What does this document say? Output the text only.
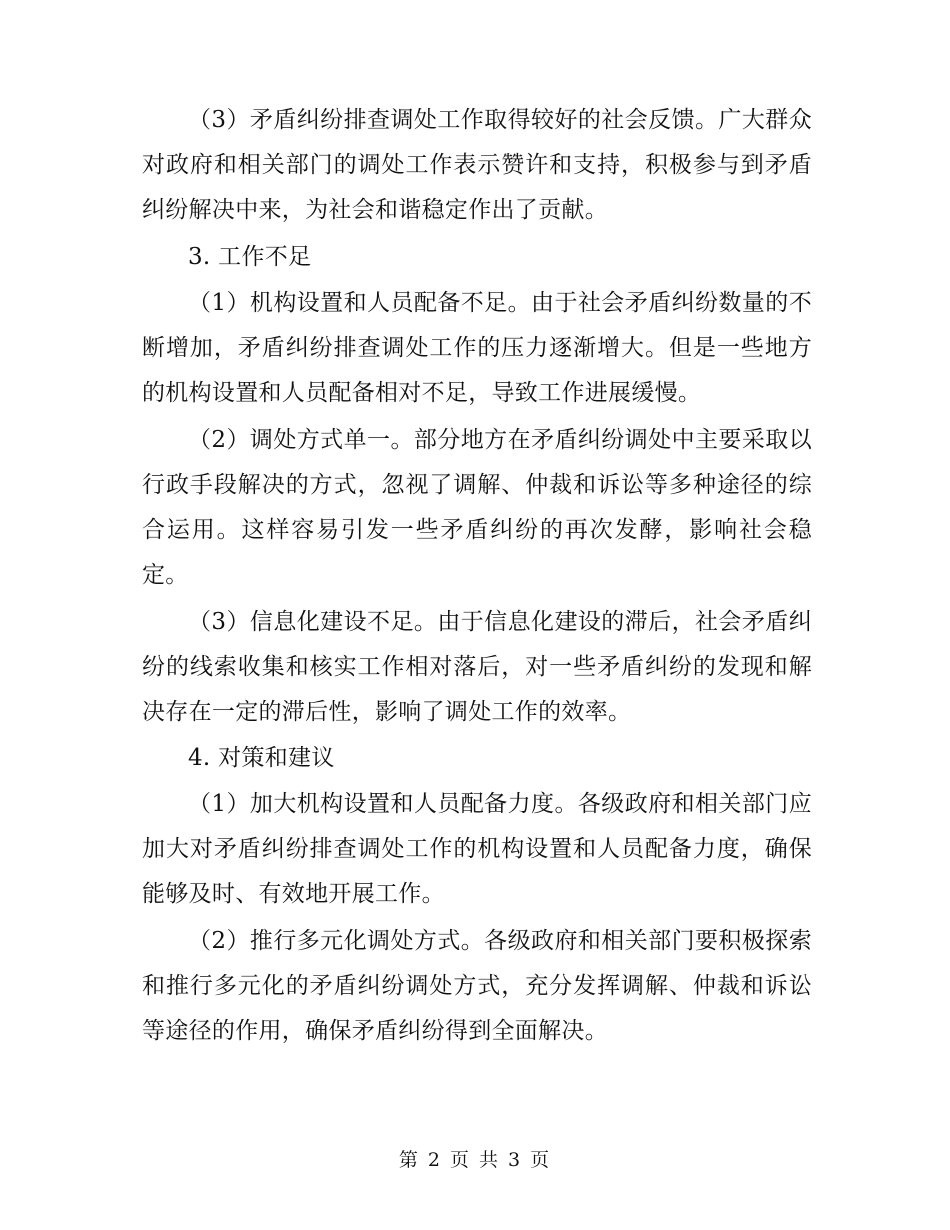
（3）矛盾纠纷排查调处工作取得较好的社会反馈。广大群众对政府和相关部门的调处工作表示赞许和支持，积极参与到矛盾纠纷解决中来，为社会和谐稳定作出了贡献。

3. 工作不足

（1）机构设置和人员配备不足。由于社会矛盾纠纷数量的不断增加，矛盾纠纷排查调处工作的压力逐渐增大。但是一些地方的机构设置和人员配备相对不足，导致工作进展缓慢。

（2）调处方式单一。部分地方在矛盾纠纷调处中主要采取以行政手段解决的方式，忽视了调解、仲裁和诉讼等多种途径的综合运用。这样容易引发一些矛盾纠纷的再次发酵，影响社会稳定。

（3）信息化建设不足。由于信息化建设的滞后，社会矛盾纠纷的线索收集和核实工作相对落后，对一些矛盾纠纷的发现和解决存在一定的滞后性，影响了调处工作的效率。

4. 对策和建议

（1）加大机构设置和人员配备力度。各级政府和相关部门应加大对矛盾纠纷排查调处工作的机构设置和人员配备力度，确保能够及时、有效地开展工作。

（2）推行多元化调处方式。各级政府和相关部门要积极探索和推行多元化的矛盾纠纷调处方式，充分发挥调解、仲裁和诉讼等途径的作用，确保矛盾纠纷得到全面解决。

第 2 页 共 3 页
